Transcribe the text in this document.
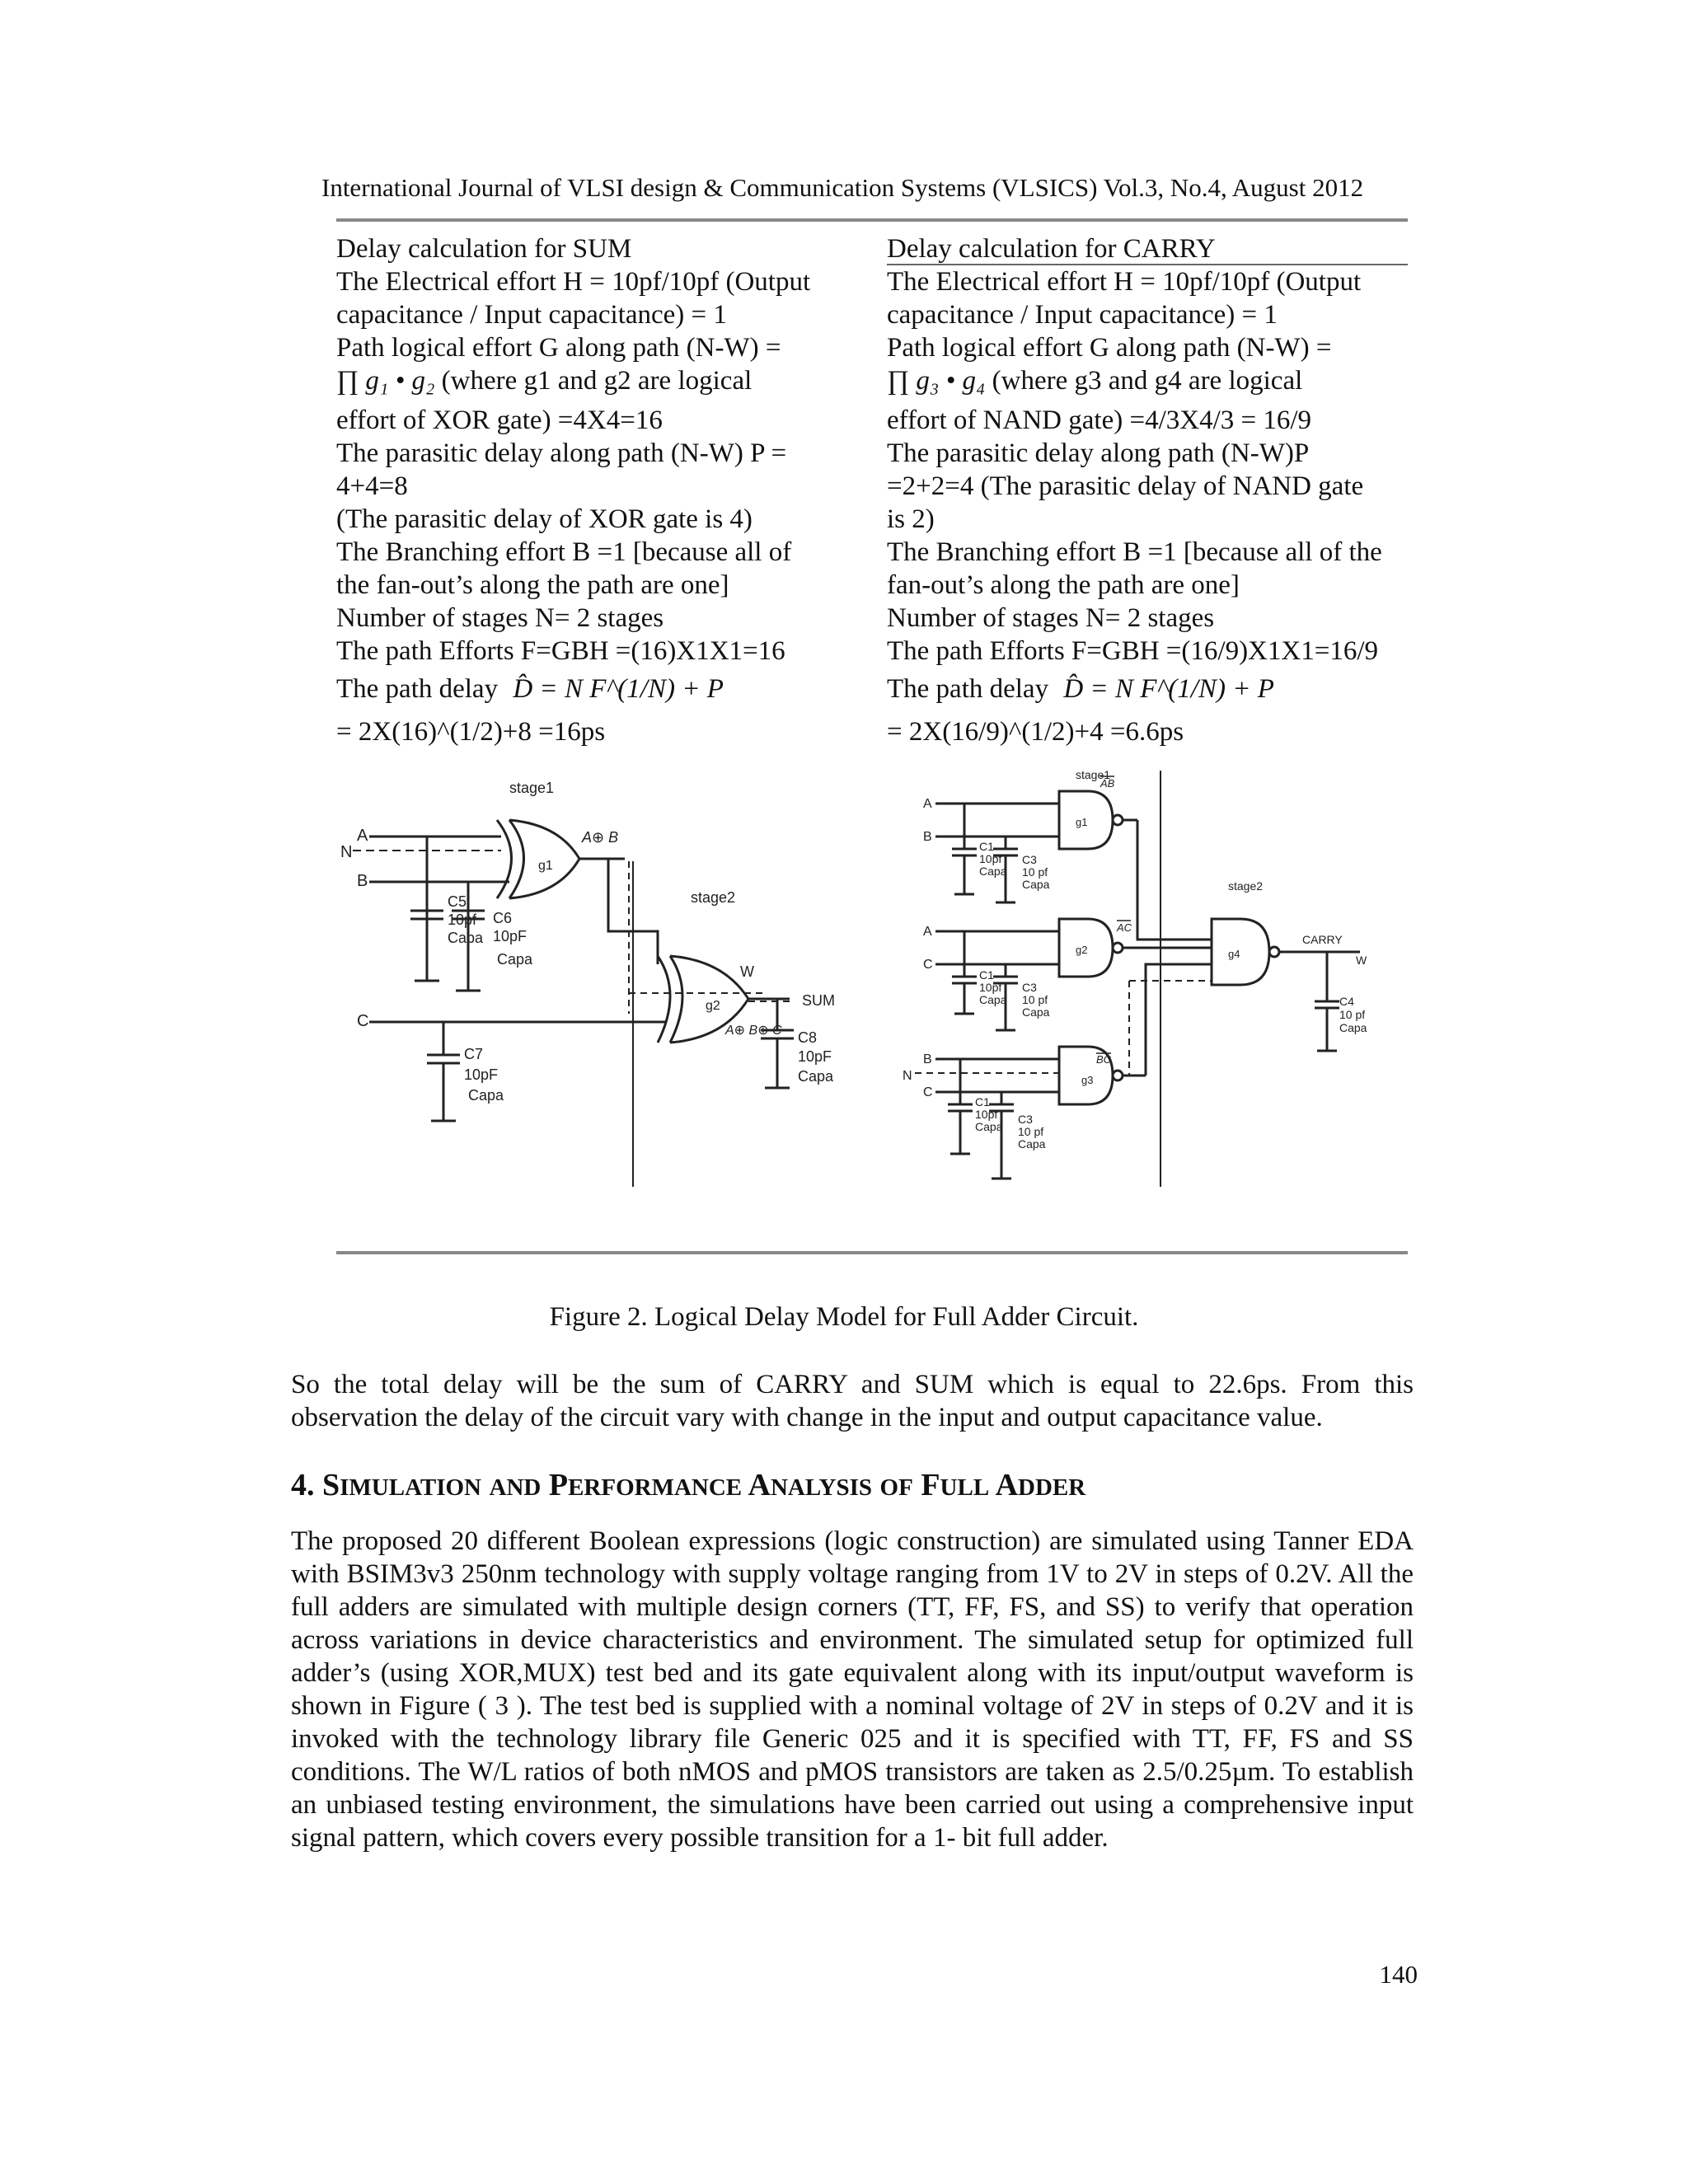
International Journal of VLSI design & Communication Systems (VLSICS) Vol.3, No.4, August 2012
Delay calculation for SUM
The Electrical effort H = 10pf/10pf (Output
capacitance / Input capacitance) = 1
Path logical effort G along path (N-W) =
∏ g₁ • g₂ (where g1 and g2 are logical
effort of XOR gate) =4X4=16
The parasitic delay along path (N-W) P =
4+4=8
(The parasitic delay of XOR gate is 4)
The Branching effort B =1 [because all of
the fan-out’s along the path are one]
Number of stages N= 2 stages
The path Efforts F=GBH =(16)X1X1=16
The path delay D̂ = N F^(1/N) + P
= 2X(16)^(1/2)+8 =16ps
Delay calculation for CARRY
The Electrical effort H = 10pf/10pf (Output
capacitance / Input capacitance) = 1
Path logical effort G along path (N-W) =
∏ g₃ • g₄ (where g3 and g4 are logical
effort of NAND gate) =4/3X4/3 = 16/9
The parasitic delay along path (N-W)P
=2+2=4 (The parasitic delay of NAND gate
is 2)
The Branching effort B =1 [because all of the
fan-out’s along the path are one]
Number of stages N= 2 stages
The path Efforts F=GBH =(16/9)X1X1=16/9
The path delay D̂ = N F^(1/N) + P
= 2X(16/9)^(1/2)+4 =6.6ps
stage1
stage2
A
N
B
C
g1
A⊕ B
g2
W
SUM
A⊕ B⊕ C
C5
10pf
Capa
C6
10pF
Capa
C7
10pF
Capa
C8
10pF
Capa
stage1
stage2
A
B
A
C
B
N
C
g1
AB
g2
AC
g3
BC
g4
CARRY
W
C4
10 pf
Capa
C1
10pf
Capa
C3
10 pf
Capa
C1
10pf
Capa
C3
10 pf
Capa
C1
10pf
Capa
C3
10 pf
Capa
Figure 2. Logical Delay Model for Full Adder Circuit.
So the total delay will be the sum of CARRY and SUM which is equal to 22.6ps. From this observation the delay of the circuit vary with change in the input and output capacitance value.
4. SIMULATION AND PERFORMANCE ANALYSIS OF FULL ADDER
The proposed 20 different Boolean expressions (logic construction) are simulated using Tanner EDA with BSIM3v3 250nm technology with supply voltage ranging from 1V to 2V in steps of 0.2V. All the full adders are simulated with multiple design corners (TT, FF, FS, and SS) to verify that operation across variations in device characteristics and environment. The simulated setup for optimized full adder’s (using XOR,MUX) test bed and its gate equivalent along with its input/output waveform is shown in Figure ( 3 ). The test bed is supplied with a nominal voltage of 2V in steps of 0.2V and it is invoked with the technology library file Generic 025 and it is specified with TT, FF, FS and SS conditions. The W/L ratios of both nMOS and pMOS transistors are taken as 2.5/0.25µm. To establish an unbiased testing environment, the simulations have been carried out using a comprehensive input signal pattern, which covers every possible transition for a 1- bit full adder.
140
